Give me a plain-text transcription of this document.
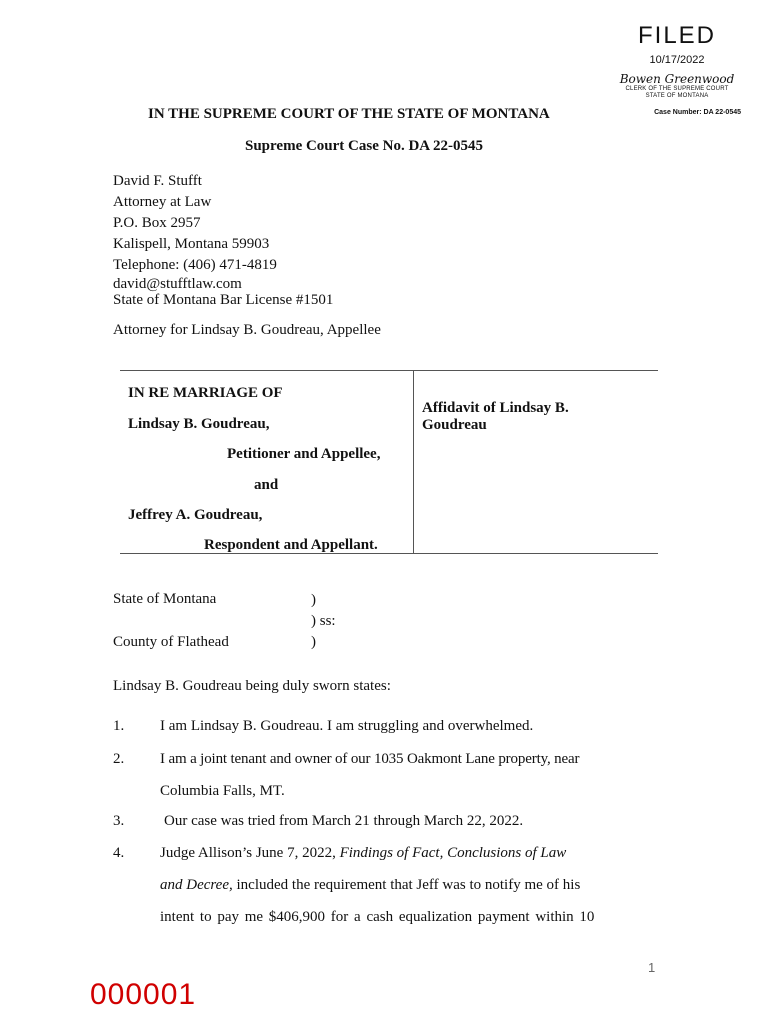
FILED
10/17/2022
Bowen Greenwood
CLERK OF THE SUPREME COURT
STATE OF MONTANA
Case Number: DA 22-0545
IN THE SUPREME COURT OF THE STATE OF MONTANA
Supreme Court Case No. DA 22-0545
David F. Stufft
Attorney at Law
P.O. Box 2957
Kalispell, Montana 59903
Telephone: (406) 471-4819
david@stufftlaw.com
State of Montana Bar License #1501
Attorney for Lindsay B. Goudreau, Appellee
IN RE MARRIAGE OF
Lindsay B. Goudreau,
Petitioner and Appellee,
and
Jeffrey A. Goudreau,
Respondent and Appellant.
Affidavit of Lindsay B.
Goudreau
State of Montana
County of Flathead
)
) ss:
)
Lindsay B. Goudreau being duly sworn states:
1. I am Lindsay B. Goudreau. I am struggling and overwhelmed.
2. I am a joint tenant and owner of our 1035 Oakmont Lane property, near
Columbia Falls, MT.
3.	Our case was tried from March 21 through March 22, 2022.
4. Judge Allison’s June 7, 2022, Findings of Fact, Conclusions of Law
and Decree, included the requirement that Jeff was to notify me of his
intent to pay me $406,900 for a cash equalization payment within 10
1
000001
